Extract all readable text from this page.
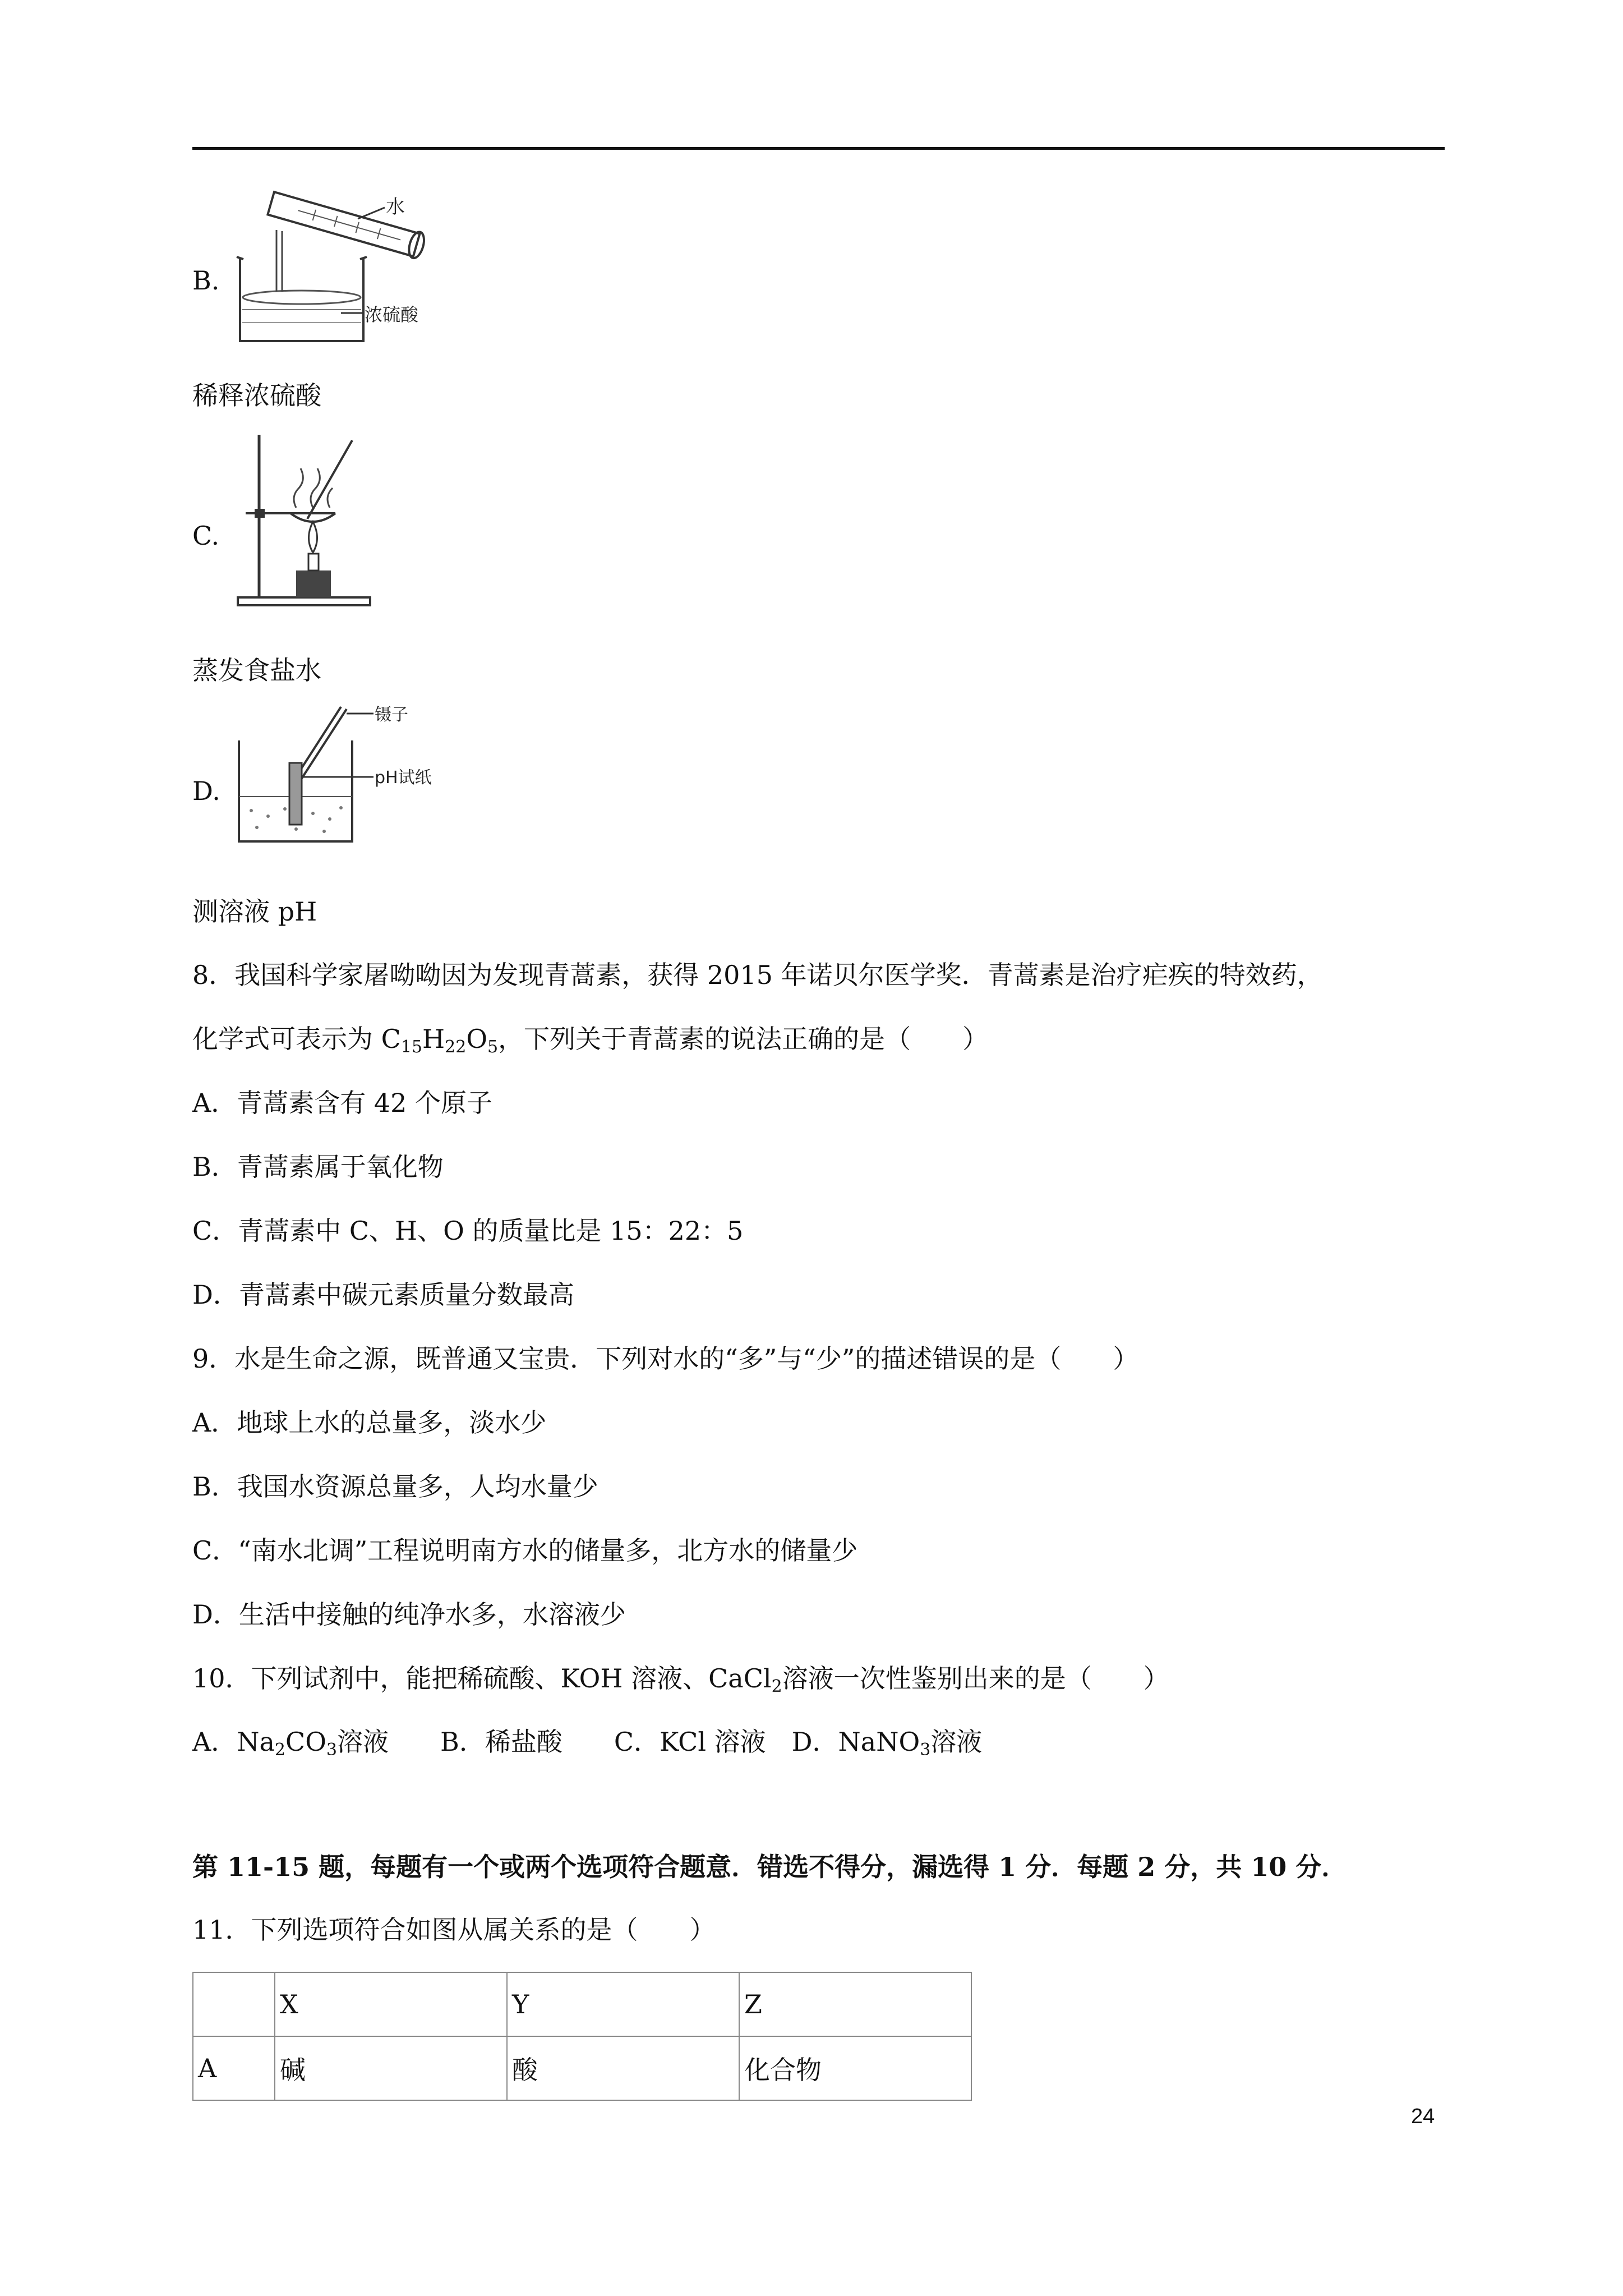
B.
水
浓硫酸
稀释浓硫酸
C.
蒸发食盐水
D.
镊子
pH试纸
测溶液 pH
8．我国科学家屠呦呦因为发现青蒿素，获得 2015 年诺贝尔医学奖．青蒿素是治疗疟疾的特效药，
化学式可表示为 $C_{15}H_{22}O_5$，下列关于青蒿素的说法正确的是（　　）
A．青蒿素含有 42 个原子
B．青蒿素属于氧化物
C．青蒿素中 C、H、O 的质量比是 15：22：5
D．青蒿素中碳元素质量分数最高
9．水是生命之源，既普通又宝贵．下列对水的“多”与“少”的描述错误的是（　　）
A．地球上水的总量多，淡水少
B．我国水资源总量多，人均水量少
C．“南水北调”工程说明南方水的储量多，北方水的储量少
D．生活中接触的纯净水多，水溶液少
10．下列试剂中，能把稀硫酸、KOH 溶液、CaCl$_2$溶液一次性鉴别出来的是（　　）
A．$Na_2CO_3$溶液　　B．稀盐酸　　C．KCl 溶液　D．NaNO$_3$溶液
第 11-15 题，每题有一个或两个选项符合题意．错选不得分，漏选得 1 分．每题 2 分，共 10 分．
11．下列选项符合如图从属关系的是（　　）
	X	Y	Z
A	碱	酸	化合物
24
